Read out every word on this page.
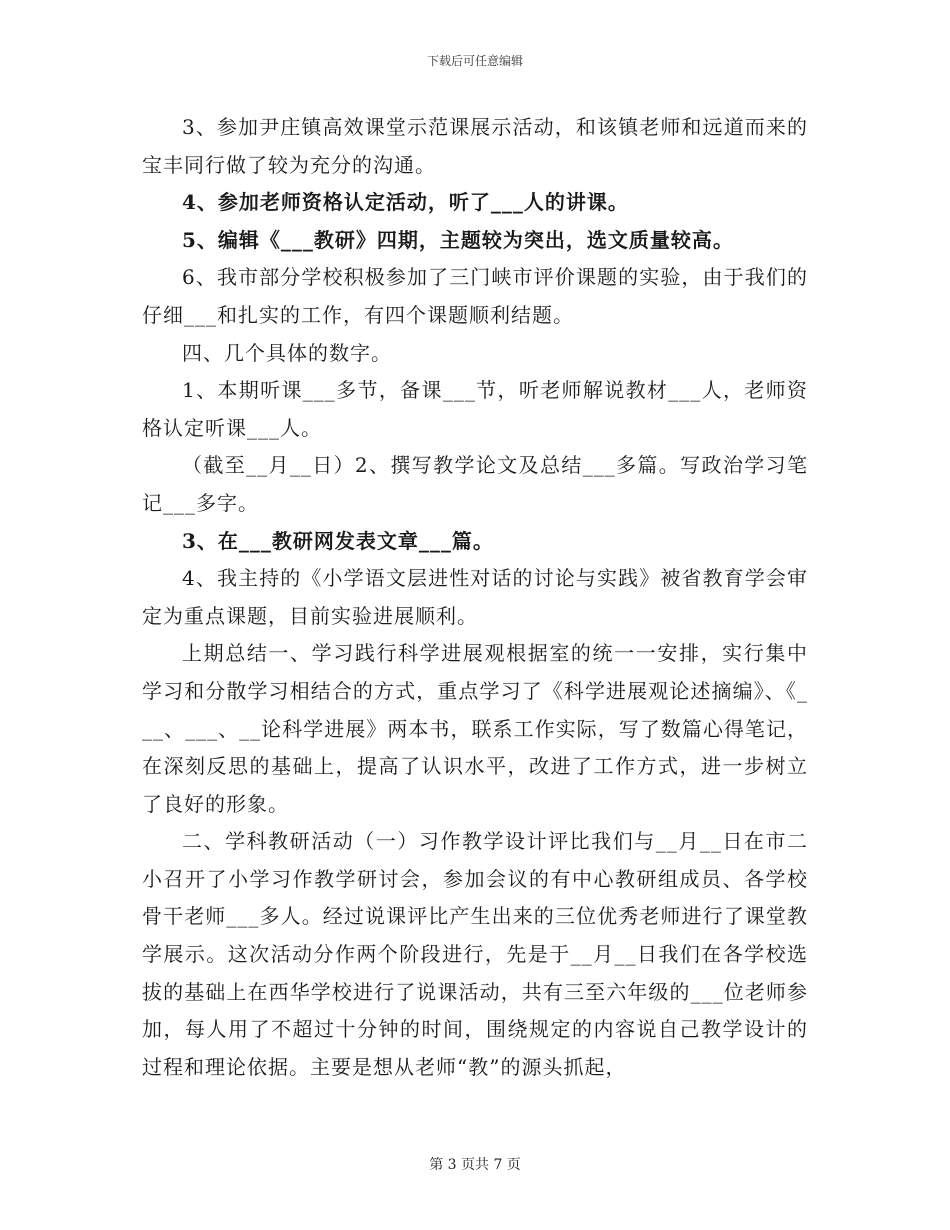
下载后可任意编辑

3、参加尹庄镇高效课堂示范课展示活动，和该镇老师和远道而来的宝丰同行做了较为充分的沟通。

4、参加老师资格认定活动，听了___人的讲课。

5、编辑《___教研》四期，主题较为突出，选文质量较高。

6、我市部分学校积极参加了三门峡市评价课题的实验，由于我们的仔细___和扎实的工作，有四个课题顺利结题。

四、几个具体的数字。

1、本期听课___多节，备课___节，听老师解说教材___人，老师资格认定听课___人。

（截至__月__日）2、撰写教学论文及总结___多篇。写政治学习笔记___多字。

3、在___教研网发表文章___篇。

4、我主持的《小学语文层进性对话的讨论与实践》被省教育学会审定为重点课题，目前实验进展顺利。

上期总结一、学习践行科学进展观根据室的统一一安排，实行集中学习和分散学习相结合的方式，重点学习了《科学进展观论述摘编》、《___、___、__论科学进展》两本书，联系工作实际，写了数篇心得笔记，在深刻反思的基础上，提高了认识水平，改进了工作方式，进一步树立了良好的形象。

二、学科教研活动（一）习作教学设计评比我们与__月__日在市二小召开了小学习作教学研讨会，参加会议的有中心教研组成员、各学校骨干老师___多人。经过说课评比产生出来的三位优秀老师进行了课堂教学展示。这次活动分作两个阶段进行，先是于__月__日我们在各学校选拔的基础上在西华学校进行了说课活动，共有三至六年级的___位老师参加，每人用了不超过十分钟的时间，围绕规定的内容说自己教学设计的过程和理论依据。主要是想从老师“教”的源头抓起，

第 3 页共 7 页
